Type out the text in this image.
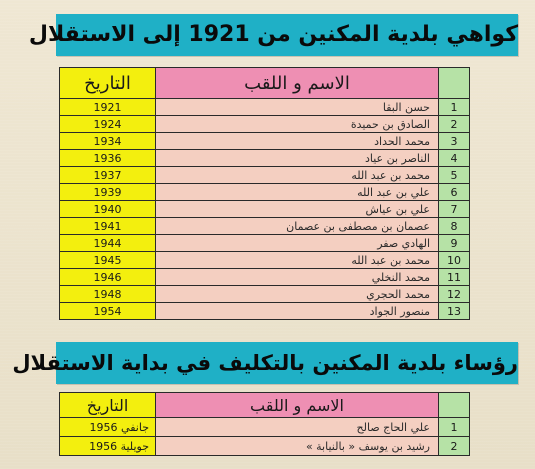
كواهي بلدية المكنين من 1921 إلى الاستقلال
التاريخ	الاسم و اللقب	
1921	حسن البقا	1
1924	الصادق بن حميدة	2
1934	محمد الحداد	3
1936	الناصر بن عياد	4
1937	محمد بن عبد الله	5
1939	علي بن عبد الله	6
1940	علي بن عياش	7
1941	عصمان بن مصطفى بن عصمان	8
1944	الهادي صفر	9
1945	محمد بن عبد الله	10
1946	محمد النخلي	11
1948	محمد الحجري	12
1954	منصور الجواد	13
رؤساء بلدية المكنين بالتكليف في بداية الاستقلال
التاريخ	الاسم و اللقب	
جانفي 1956	علي الحاج صالح	1
جويلية 1956	رشيد بن يوسف « بالنيابة »	2
